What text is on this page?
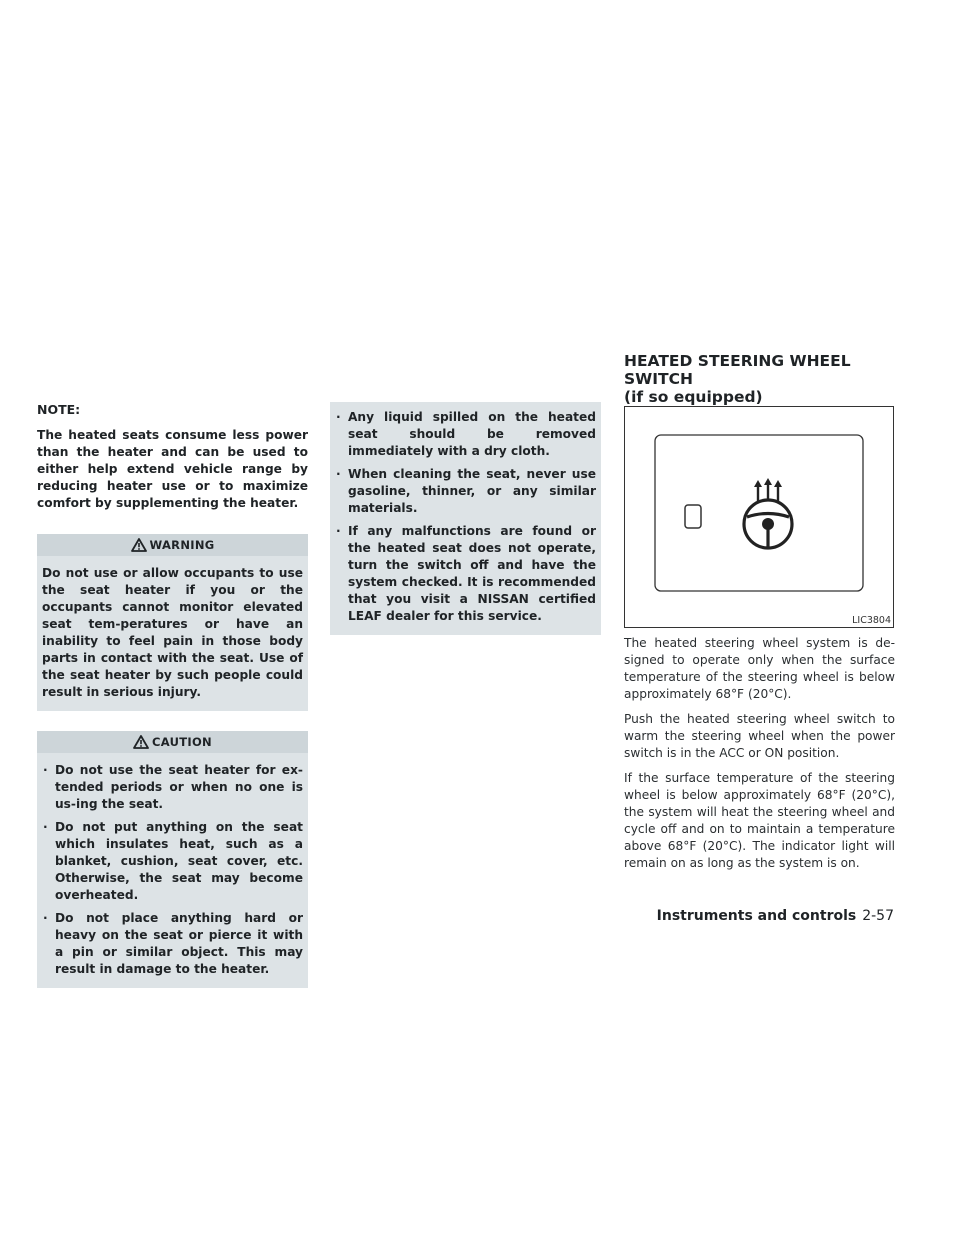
NOTE:

The heated seats consume less power than the heater and can be used to either help extend vehicle range by reducing heater use or to maximize comfort by supplementing the heater.

WARNING

Do not use or allow occupants to use the seat heater if you or the occupants cannot monitor elevated seat tem-peratures or have an inability to feel pain in those body parts in contact with the seat. Use of the seat heater by such people could result in serious injury.

CAUTION
· Do not use the seat heater for ex-tended periods or when no one is us-ing the seat.
· Do not put anything on the seat which insulates heat, such as a blanket, cushion, seat cover, etc. Otherwise, the seat may become overheated.
· Do not place anything hard or heavy on the seat or pierce it with a pin or similar object. This may result in damage to the heater.
· Any liquid spilled on the heated seat should be removed immediately with a dry cloth.
· When cleaning the seat, never use gasoline, thinner, or any similar materials.
· If any malfunctions are found or the heated seat does not operate, turn the switch off and have the system checked. It is recommended that you visit a NISSAN certified LEAF dealer for this service.

HEATED STEERING WHEEL SWITCH

(if so equipped)

LIC3804

The heated steering wheel system is de-signed to operate only when the surface temperature of the steering wheel is below approximately 68°F (20°C).

Push the heated steering wheel switch to warm the steering wheel when the power switch is in the ACC or ON position.

If the surface temperature of the steering wheel is below approximately 68°F (20°C), the system will heat the steering wheel and cycle off and on to maintain a temperature above 68°F (20°C). The indicator light will remain on as long as the system is on.

Instruments and controls 2-57
